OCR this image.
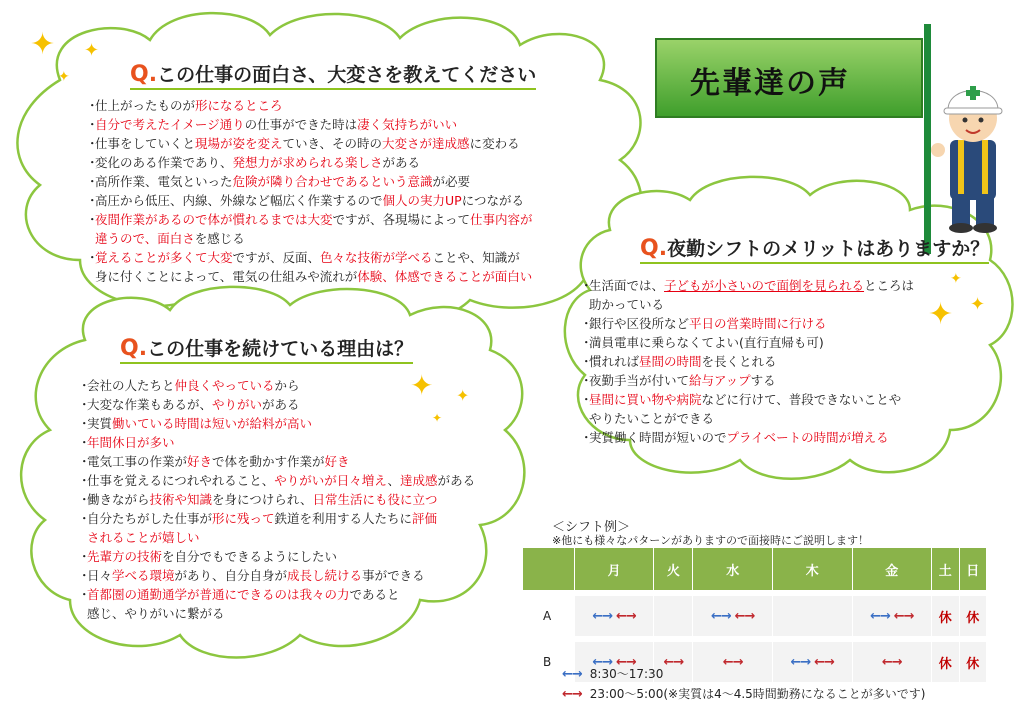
✦ ✦
✦
✦ ✦
✦
✦ ✦
✦
先輩達の声
Q.この仕事の面白さ、大変さを教えてください
・仕上がったものが形になるところ
・自分で考えたイメージ通りの仕事ができた時は凄く気持ちがいい
・仕事をしていくと現場が姿を変えていき、その時の大変さが達成感に変わる
・変化のある作業であり、発想力が求められる楽しさがある
・高所作業、電気といった危険が隣り合わせであるという意識が必要
・高圧から低圧、内線、外線など幅広く作業するので個人の実力UPにつながる
・夜間作業があるので体が慣れるまでは大変ですが、各現場によって仕事内容が
違うので、面白さを感じる
・覚えることが多くて大変ですが、反面、色々な技術が学べることや、知識が
身に付くことによって、電気の仕組みや流れが体験、体感できることが面白い
Q.この仕事を続けている理由は？
・会社の人たちと仲良くやっているから
・大変な作業もあるが、やりがいがある
・実質働いている時間は短いが給料が高い
・年間休日が多い
・電気工事の作業が好きで体を動かす作業が好き
・仕事を覚えるにつれやれること、やりがいが日々増え、達成感がある
・働きながら技術や知識を身につけられ、日常生活にも役に立つ
・自分たちがした仕事が形に残って鉄道を利用する人たちに評価
されることが嬉しい
・先輩方の技術を自分でもできるようにしたい
・日々学べる環境があり、自分自身が成長し続ける事ができる
・首都圏の通勤通学が普通にできるのは我々の力であると
感じ、やりがいに繋がる
Q.夜勤シフトのメリットはありますか？
・生活面では、子どもが小さいので面倒を見られるところは
助かっている
・銀行や区役所など平日の営業時間に行ける
・満員電車に乗らなくてよい(直行直帰も可)
・慣れれば昼間の時間を長くとれる
・夜勤手当が付いて給与アップする
・昼間に買い物や病院などに行けて、普段できないことや
やりたいことができる
・実質働く時間が短いのでプライベートの時間が増える
＜シフト例＞
※他にも様々なパターンがありますので面接時にご説明します！
	月	火	水	木	金	土	日

A	←→ ←→		←→ ←→		←→ ←→	休	休

B	←→ ←→	←→	←→	←→ ←→	←→	休	休
←→ 8:30～17:30
←→ 23:00～5:00(※実質は4～4.5時間勤務になることが多いです)
